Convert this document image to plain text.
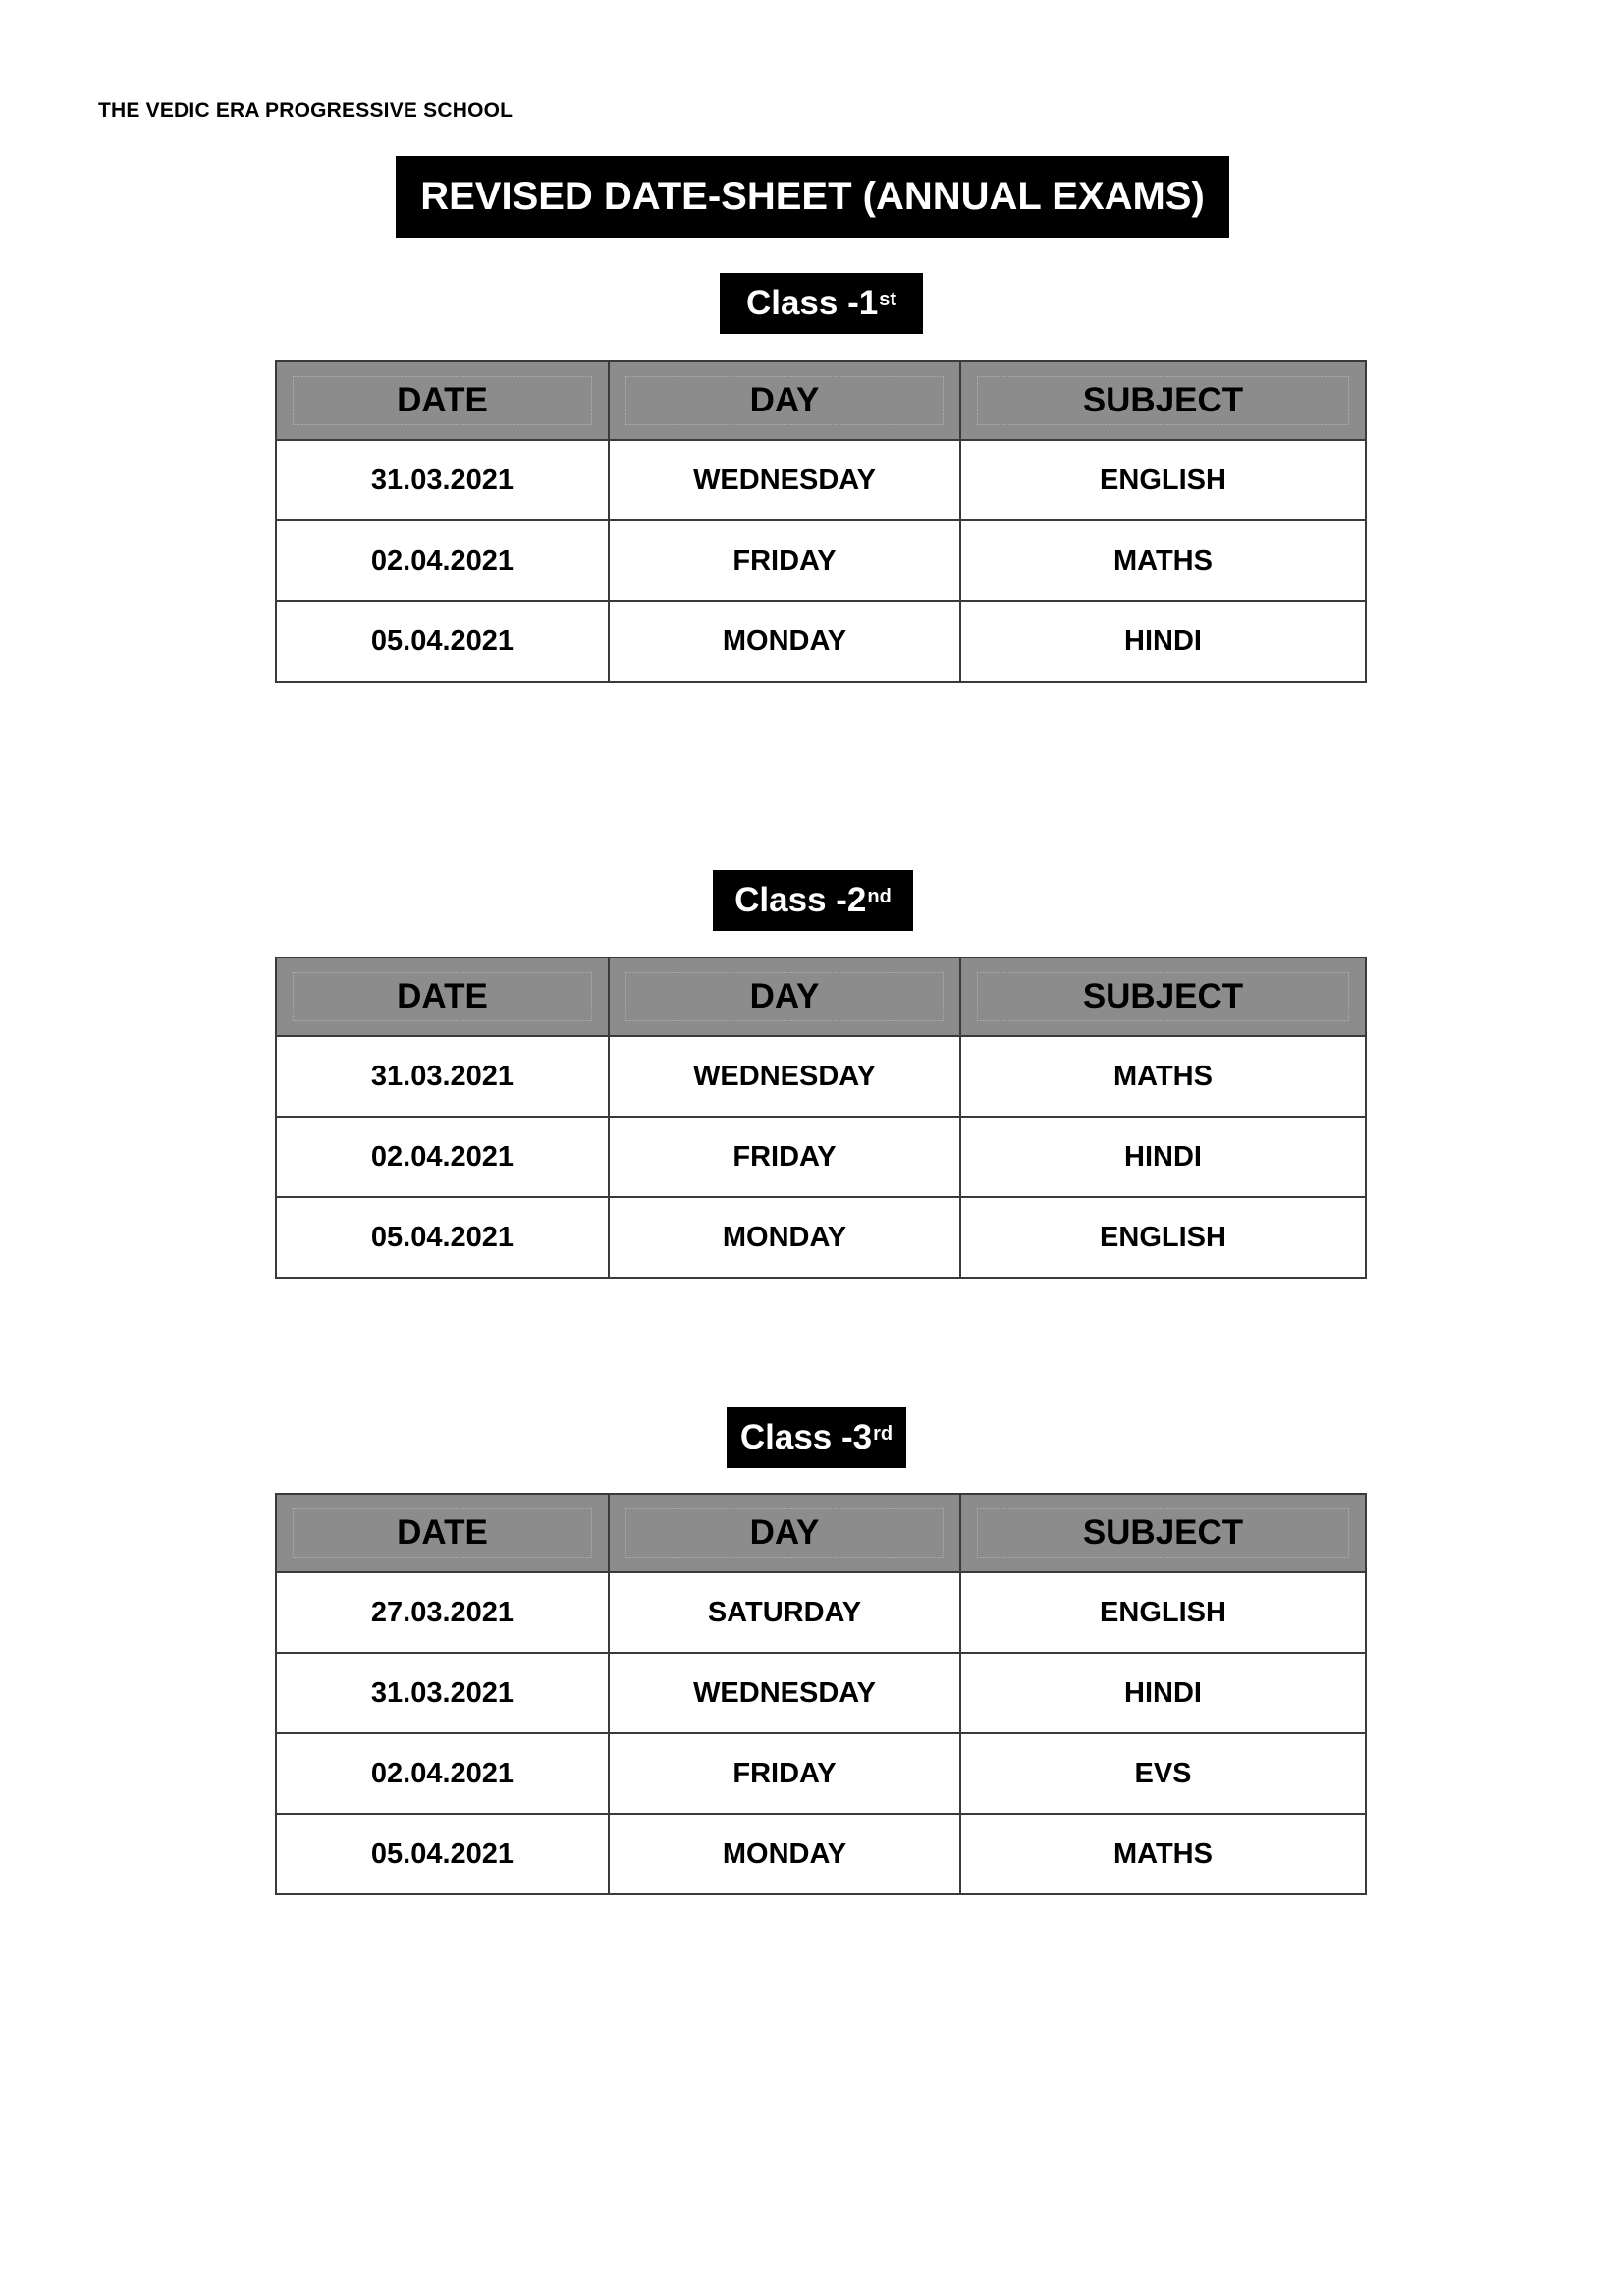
THE VEDIC ERA PROGRESSIVE SCHOOL
REVISED DATE-SHEET (ANNUAL EXAMS)
Class -1st
DATE	DAY	SUBJECT
31.03.2021	WEDNESDAY	ENGLISH
02.04.2021	FRIDAY	MATHS
05.04.2021	MONDAY	HINDI
Class -2nd
DATE	DAY	SUBJECT
31.03.2021	WEDNESDAY	MATHS
02.04.2021	FRIDAY	HINDI
05.04.2021	MONDAY	ENGLISH
Class -3rd
DATE	DAY	SUBJECT
27.03.2021	SATURDAY	ENGLISH
31.03.2021	WEDNESDAY	HINDI
02.04.2021	FRIDAY	EVS
05.04.2021	MONDAY	MATHS
